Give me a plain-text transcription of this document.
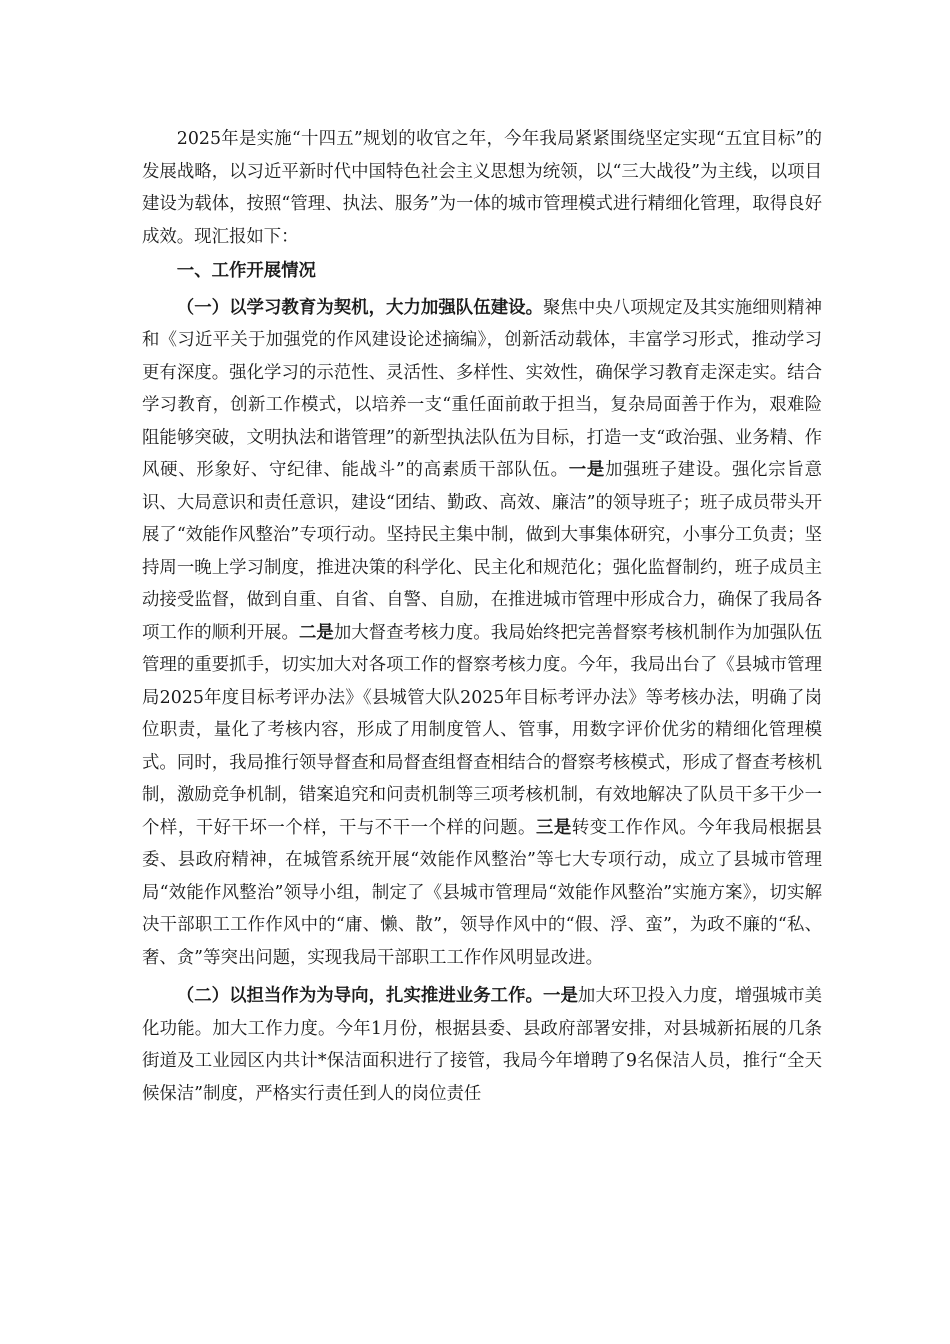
2025年是实施“十四五”规划的收官之年，今年我局紧紧围绕坚定实现“五宜目标”的发展战略，以习近平新时代中国特色社会主义思想为统领，以“三大战役”为主线，以项目建设为载体，按照“管理、执法、服务”为一体的城市管理模式进行精细化管理，取得良好成效。现汇报如下：

一、工作开展情况

（一）以学习教育为契机，大力加强队伍建设。聚焦中央八项规定及其实施细则精神和《习近平关于加强党的作风建设论述摘编》，创新活动载体，丰富学习形式，推动学习更有深度。强化学习的示范性、灵活性、多样性、实效性，确保学习教育走深走实。结合学习教育，创新工作模式，以培养一支“重任面前敢于担当，复杂局面善于作为，艰难险阻能够突破，文明执法和谐管理”的新型执法队伍为目标，打造一支“政治强、业务精、作风硬、形象好、守纪律、能战斗”的高素质干部队伍。一是加强班子建设。强化宗旨意识、大局意识和责任意识，建设“团结、勤政、高效、廉洁”的领导班子；班子成员带头开展了“效能作风整治”专项行动。坚持民主集中制，做到大事集体研究，小事分工负责；坚持周一晚上学习制度，推进决策的科学化、民主化和规范化；强化监督制约，班子成员主动接受监督，做到自重、自省、自警、自励，在推进城市管理中形成合力，确保了我局各项工作的顺利开展。二是加大督查考核力度。我局始终把完善督察考核机制作为加强队伍管理的重要抓手，切实加大对各项工作的督察考核力度。今年，我局出台了《县城市管理局2025年度目标考评办法》《县城管大队2025年目标考评办法》等考核办法，明确了岗位职责，量化了考核内容，形成了用制度管人、管事，用数字评价优劣的精细化管理模式。同时，我局推行领导督查和局督查组督查相结合的督察考核模式，形成了督查考核机制，激励竞争机制，错案追究和问责机制等三项考核机制，有效地解决了队员干多干少一个样，干好干坏一个样，干与不干一个样的问题。三是转变工作作风。今年我局根据县委、县政府精神，在城管系统开展“效能作风整治”等七大专项行动，成立了县城市管理局“效能作风整治”领导小组，制定了《县城市管理局“效能作风整治”实施方案》，切实解决干部职工工作作风中的“庸、懒、散”，领导作风中的“假、浮、蛮”，为政不廉的“私、奢、贪”等突出问题，实现我局干部职工工作作风明显改进。

（二）以担当作为为导向，扎实推进业务工作。一是加大环卫投入力度，增强城市美化功能。加大工作力度。今年1月份，根据县委、县政府部署安排，对县城新拓展的几条街道及工业园区内共计*保洁面积进行了接管，我局今年增聘了9名保洁人员，推行“全天候保洁”制度，严格实行责任到人的岗位责任
